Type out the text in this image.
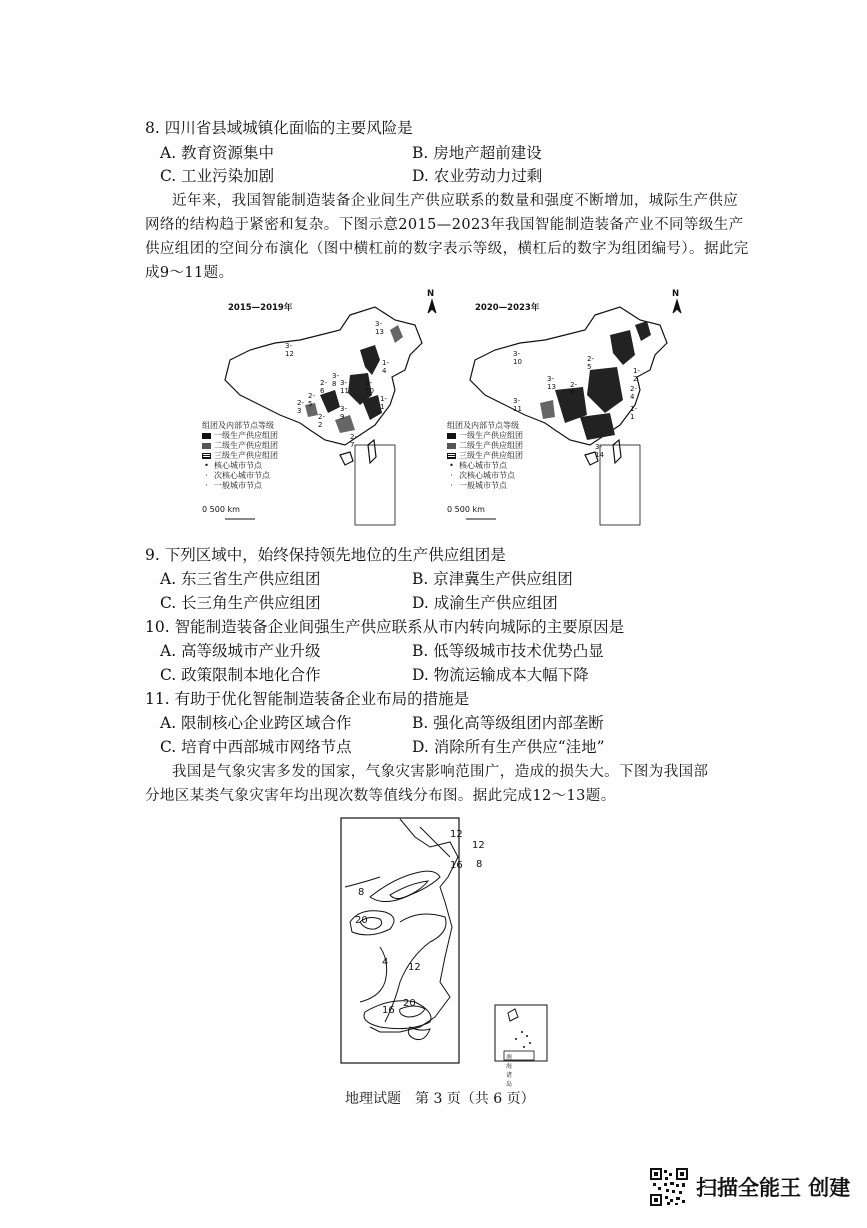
8. 四川省县域城镇化面临的主要风险是
A. 教育资源集中	B. 房地产超前建设
C. 工业污染加剧	D. 农业劳动力过剩
近年来，我国智能制造装备企业间生产供应联系的数量和强度不断增加，城际生产供应
网络的结构趋于紧密和复杂。下图示意2015—2023年我国智能制造装备产业不同等级生产
供应组团的空间分布演化（图中横杠前的数字表示等级，横杠后的数字为组团编号）。据此完
成9～11题。
2015—2019年	2020—2023年
N	N
3-13
3-12
3-8
2-5
1-1
2-3
2-6
3-11
3-10
1-4
2-2
3-9
2-7
3-10	2-5
3-13 2-9
3-11
2-4
1-2
3-14
1-1
组团及内部节点等级
一级生产供应组团
二级生产供应组团
三级生产供应组团
• 核心城市节点
· 次核心城市节点
· 一般城市节点
0 500 km
组团及内部节点等级
一级生产供应组团
二级生产供应组团
三级生产供应组团
• 核心城市节点
· 次核心城市节点
· 一般城市节点
0 500 km
9. 下列区域中，始终保持领先地位的生产供应组团是
A. 东三省生产供应组团	B. 京津冀生产供应组团
C. 长三角生产供应组团	D. 成渝生产供应组团
10. 智能制造装备企业间强生产供应联系从市内转向城际的主要原因是
A. 高等级城市产业升级	B. 低等级城市技术优势凸显
C. 政策限制本地化合作	D. 物流运输成本大幅下降
11. 有助于优化智能制造装备企业布局的措施是
A. 限制核心企业跨区域合作	B. 强化高等级组团内部垄断
C. 培育中西部城市网络节点	D. 消除所有生产供应“洼地”
我国是气象灾害多发的国家，气象灾害影响范围广，造成的损失大。下图为我国部
分地区某类气象灾害年均出现次数等值线分布图。据此完成12～13题。
12
12
16 8
8
20
4 12
16
20
南海诸岛
地理试题　第 3 页（共 6 页）
扫描全能王 创建
